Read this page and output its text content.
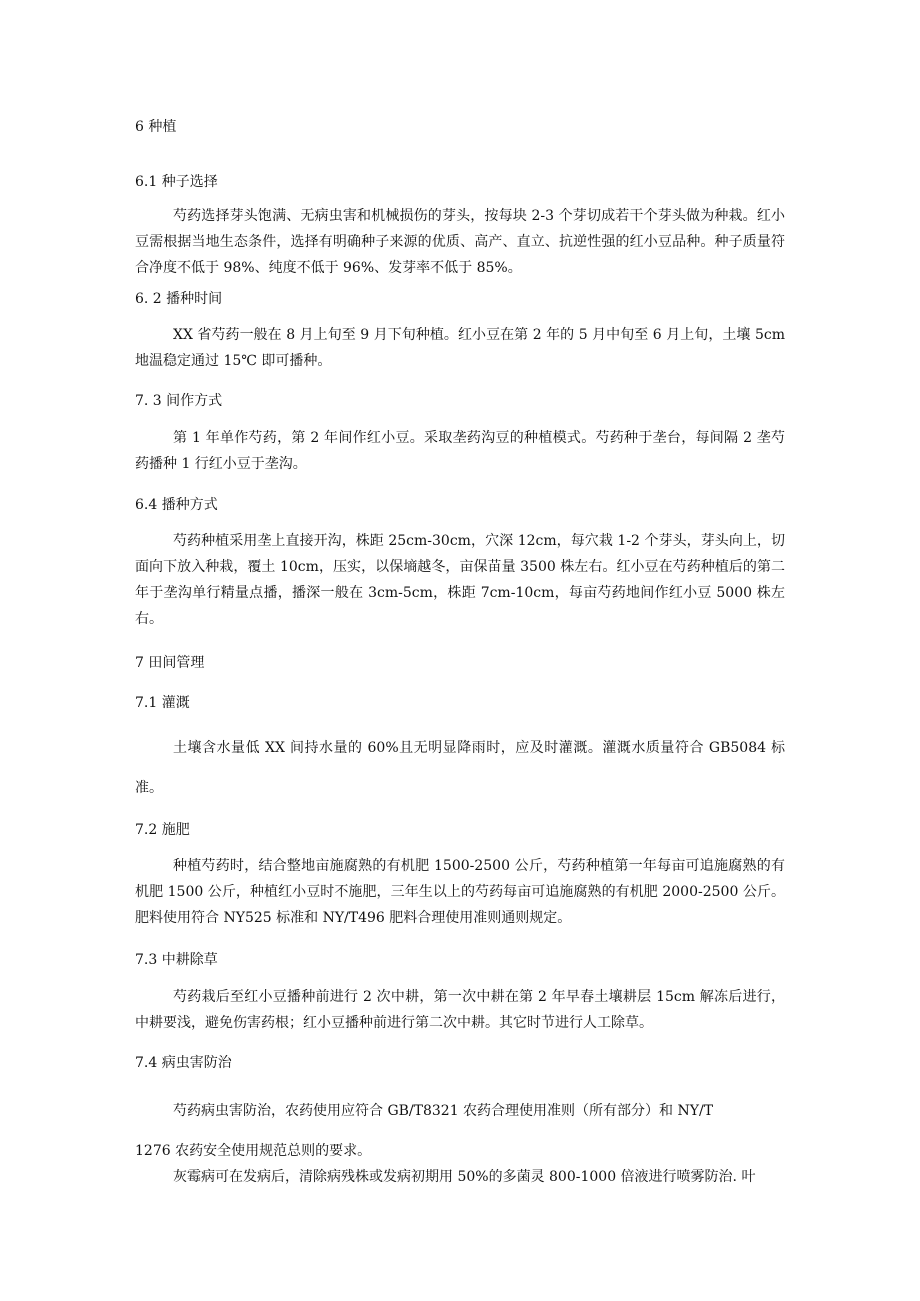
6 种植
6.1 种子选择
芍药选择芽头饱满、无病虫害和机械损伤的芽头，按每块 2-3 个芽切成若干个芽头做为种栽。红小豆需根据当地生态条件，选择有明确种子来源的优质、高产、直立、抗逆性强的红小豆品种。种子质量符合净度不低于 98%、纯度不低于 96%、发芽率不低于 85%。
6. 2 播种时间
XX 省芍药一般在 8 月上旬至 9 月下旬种植。红小豆在第 2 年的 5 月中旬至 6 月上旬，土壤 5cm 地温稳定通过 15℃ 即可播种。
7. 3 间作方式
第 1 年单作芍药，第 2 年间作红小豆。采取垄药沟豆的种植模式。芍药种于垄台，每间隔 2 垄芍药播种 1 行红小豆于垄沟。
6.4 播种方式
芍药种植采用垄上直接开沟，株距 25cm-30cm，穴深 12cm，每穴栽 1-2 个芽头，芽头向上，切面向下放入种栽，覆土 10cm，压实，以保墒越冬，亩保苗量 3500 株左右。红小豆在芍药种植后的第二年于垄沟单行精量点播，播深一般在 3cm-5cm，株距 7cm-10cm，每亩芍药地间作红小豆 5000 株左右。
7 田间管理
7.1 灌溉
土壤含水量低 XX 间持水量的 60%且无明显降雨时，应及时灌溉。灌溉水质量符合 GB5084 标准。
7.2 施肥
种植芍药时，结合整地亩施腐熟的有机肥 1500-2500 公斤，芍药种植第一年每亩可追施腐熟的有机肥 1500 公斤，种植红小豆时不施肥，三年生以上的芍药每亩可追施腐熟的有机肥 2000-2500 公斤。肥料使用符合 NY525 标准和 NY/T496 肥料合理使用准则通则规定。
7.3 中耕除草
芍药栽后至红小豆播种前进行 2 次中耕，第一次中耕在第 2 年早春土壤耕层 15cm 解冻后进行，中耕要浅，避免伤害药根；红小豆播种前进行第二次中耕。其它时节进行人工除草。
7.4 病虫害防治
芍药病虫害防治，农药使用应符合 GB/T8321 农药合理使用准则（所有部分）和 NY/T
1276 农药安全使用规范总则的要求。
灰霉病可在发病后，清除病残株或发病初期用 50%的多菌灵 800-1000 倍液进行喷雾防治. 叶
